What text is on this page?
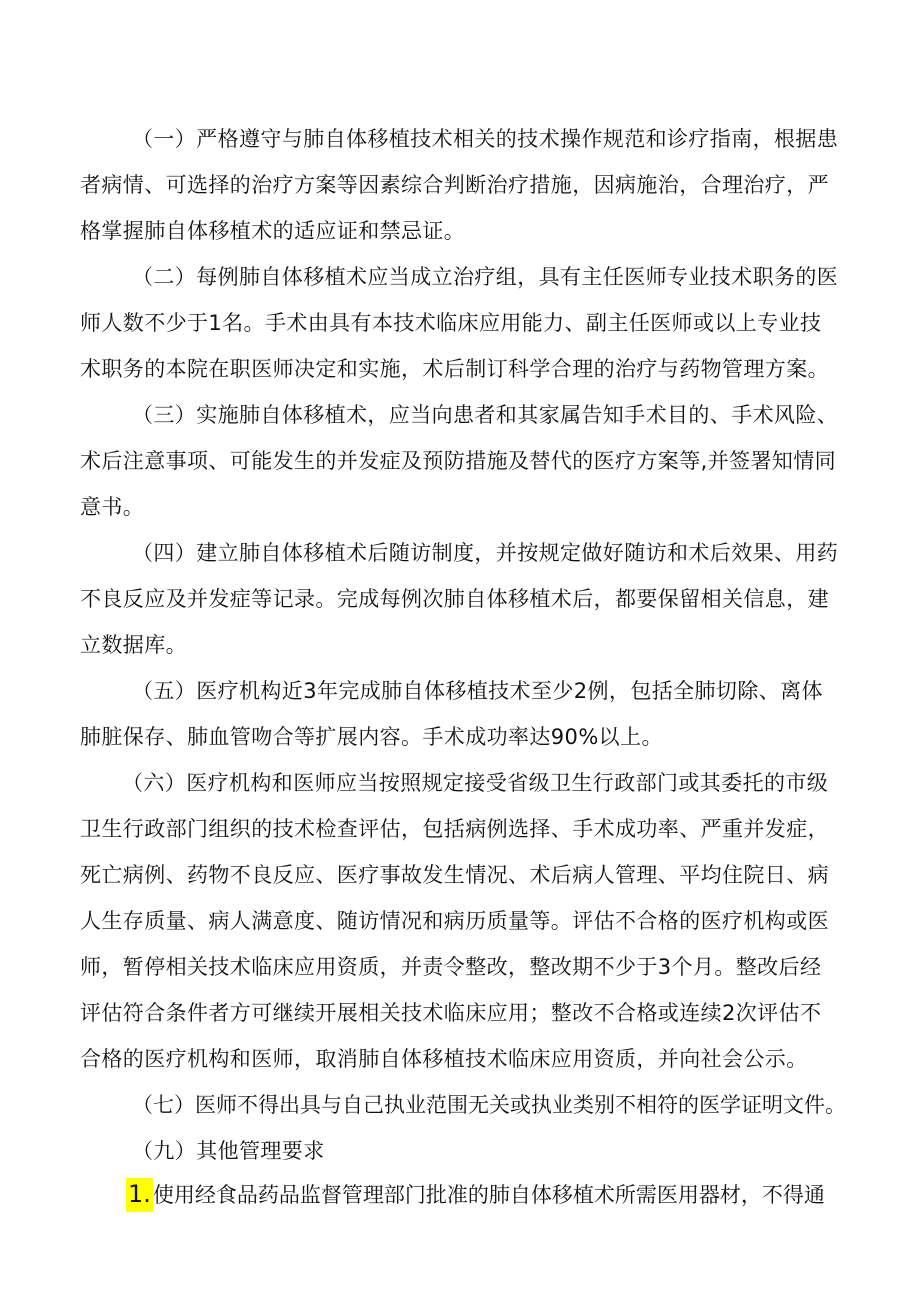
（一）严格遵守与肺自体移植技术相关的技术操作规范和诊疗指南，根据患
者病情、可选择的治疗方案等因素综合判断治疗措施，因病施治，合理治疗，严
格掌握肺自体移植术的适应证和禁忌证。
（二）每例肺自体移植术应当成立治疗组，具有主任医师专业技术职务的医
师人数不少于1名。手术由具有本技术临床应用能力、副主任医师或以上专业技
术职务的本院在职医师决定和实施，术后制订科学合理的治疗与药物管理方案。
（三）实施肺自体移植术，应当向患者和其家属告知手术目的、手术风险、
术后注意事项、可能发生的并发症及预防措施及替代的医疗方案等,并签署知情同
意书。
（四）建立肺自体移植术后随访制度，并按规定做好随访和术后效果、用药
不良反应及并发症等记录。完成每例次肺自体移植术后，都要保留相关信息，建
立数据库。
（五）医疗机构近3年完成肺自体移植技术至少2例，包括全肺切除、离体
肺脏保存、肺血管吻合等扩展内容。手术成功率达90%以上。
（六）医疗机构和医师应当按照规定接受省级卫生行政部门或其委托的市级
卫生行政部门组织的技术检查评估，包括病例选择、手术成功率、严重并发症，
死亡病例、药物不良反应、医疗事故发生情况、术后病人管理、平均住院日、病
人生存质量、病人满意度、随访情况和病历质量等。评估不合格的医疗机构或医
师，暂停相关技术临床应用资质，并责令整改，整改期不少于3个月。整改后经
评估符合条件者方可继续开展相关技术临床应用；整改不合格或连续2次评估不
合格的医疗机构和医师，取消肺自体移植技术临床应用资质，并向社会公示。
（七）医师不得出具与自己执业范围无关或执业类别不相符的医学证明文件。
（九）其他管理要求
1.使用经食品药品监督管理部门批准的肺自体移植术所需医用器材，不得通
